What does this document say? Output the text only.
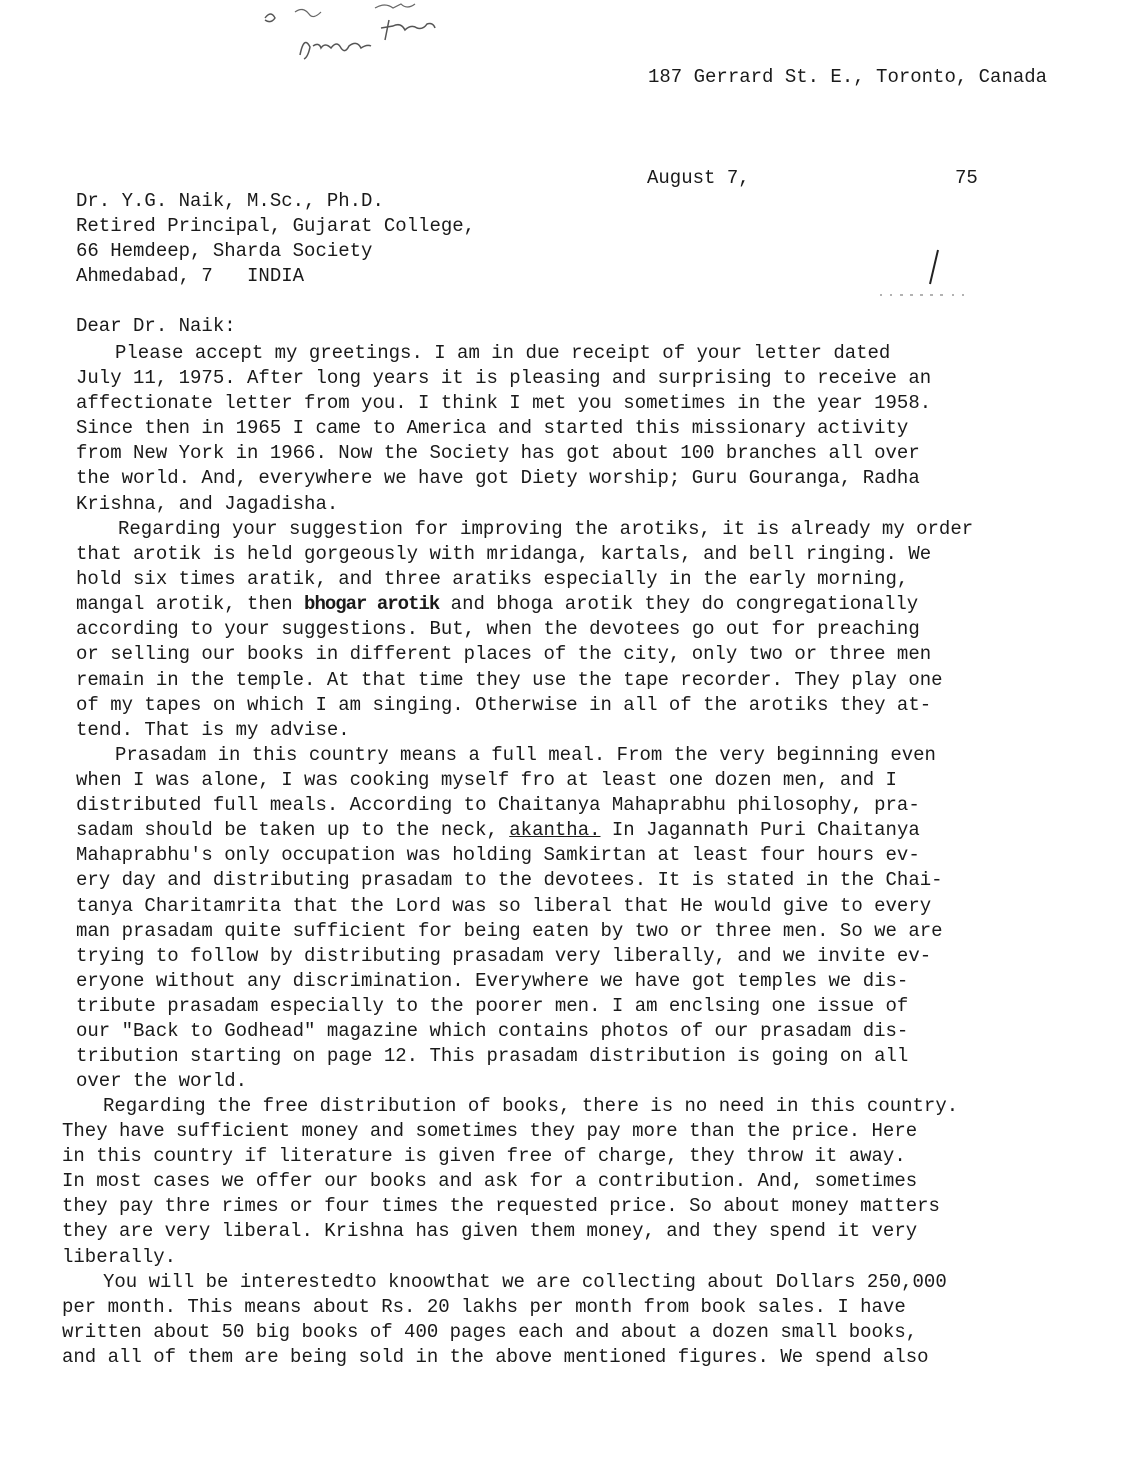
187 Gerrard St. E., Toronto, Canada
August 7,	75
Dr. Y.G. Naik, M.Sc., Ph.D.
Retired Principal, Gujarat College,
66 Hemdeep, Sharda Society
Ahmedabad, 7   INDIA
Dear Dr. Naik:
Please accept my greetings. I am in due receipt of your letter dated
July 11, 1975. After long years it is pleasing and surprising to receive an
affectionate letter from you. I think I met you sometimes in the year 1958.
Since then in 1965 I came to America and started this missionary activity
from New York in 1966. Now the Society has got about 100 branches all over
the world. And, everywhere we have got Diety worship; Guru Gouranga, Radha
Krishna, and Jagadisha.
Regarding your suggestion for improving the arotiks, it is already my order
that arotik is held gorgeously with mridanga, kartals, and bell ringing. We
hold six times aratik, and three aratiks especially in the early morning,
mangal arotik, then bhogar arotik and bhoga arotik they do congregationally
according to your suggestions. But, when the devotees go out for preaching
or selling our books in different places of the city, only two or three men
remain in the temple. At that time they use the tape recorder. They play one
of my tapes on which I am singing. Otherwise in all of the arotiks they at-
tend. That is my advise.
Prasadam in this country means a full meal. From the very beginning even
when I was alone, I was cooking myself fro at least one dozen men, and I
distributed full meals. According to Chaitanya Mahaprabhu philosophy, pra-
sadam should be taken up to the neck, akantha. In Jagannath Puri Chaitanya
Mahaprabhu's only occupation was holding Samkirtan at least four hours ev-
ery day and distributing prasadam to the devotees. It is stated in the Chai-
tanya Charitamrita that the Lord was so liberal that He would give to every
man prasadam quite sufficient for being eaten by two or three men. So we are
trying to follow by distributing prasadam very liberally, and we invite ev-
eryone without any discrimination. Everywhere we have got temples we dis-
tribute prasadam especially to the poorer men. I am enclsing one issue of
our "Back to Godhead" magazine which contains photos of our prasadam dis-
tribution starting on page 12. This prasadam distribution is going on all
over the world.
Regarding the free distribution of books, there is no need in this country.
They have sufficient money and sometimes they pay more than the price. Here
in this country if literature is given free of charge, they throw it away.
In most cases we offer our books and ask for a contribution. And, sometimes
they pay thre rimes or four times the requested price. So about money matters
they are very liberal. Krishna has given them money, and they spend it very
liberally.
You will be interestedto knoowthat we are collecting about Dollars 250,000
per month. This means about Rs. 20 lakhs per month from book sales. I have
written about 50 big books of 400 pages each and about a dozen small books,
and all of them are being sold in the above mentioned figures. We spend also
